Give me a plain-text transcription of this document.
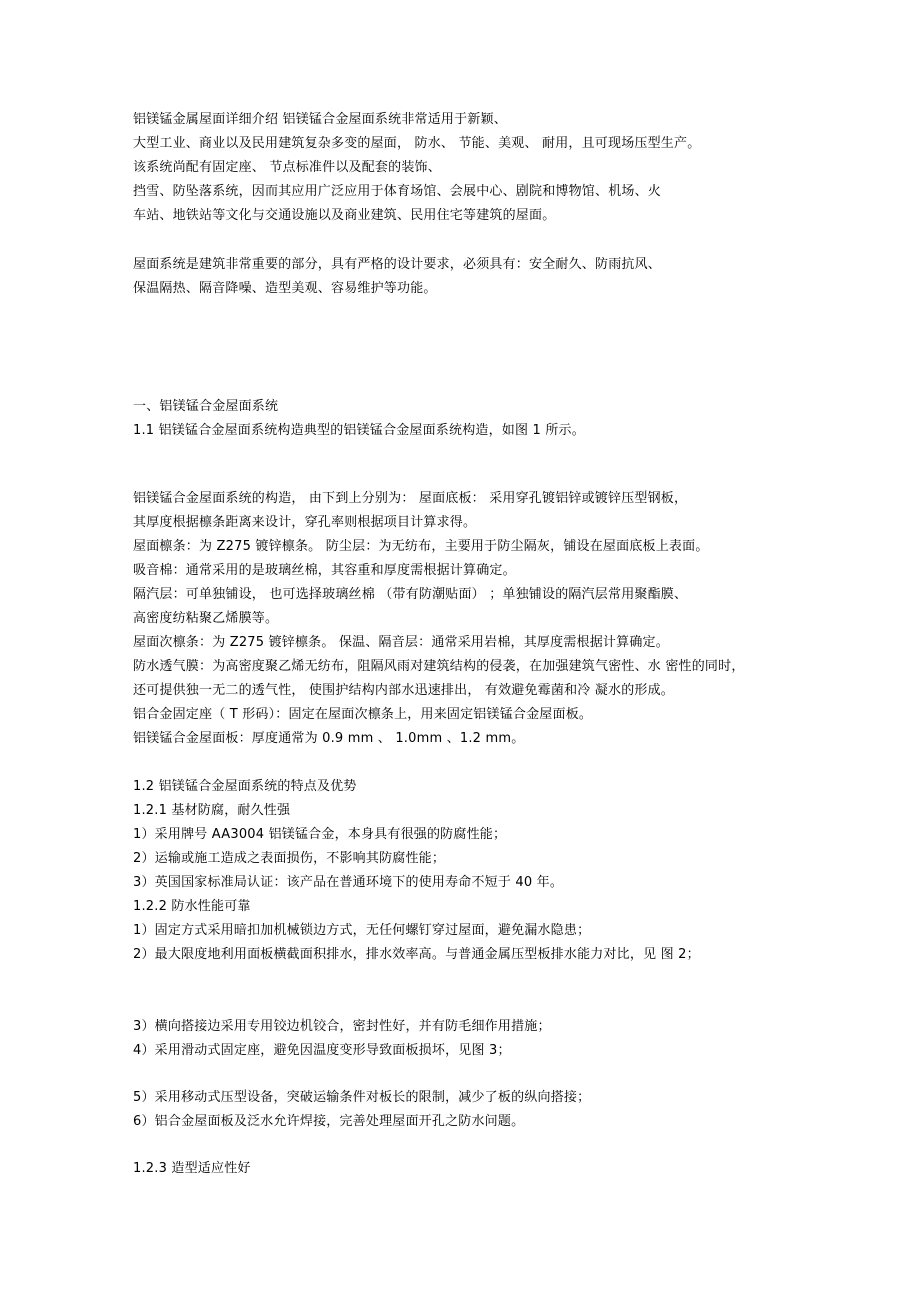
铝镁锰金属屋面详细介绍 铝镁锰合金屋面系统非常适用于新颖、
大型工业、商业以及民用建筑复杂多变的屋面， 防水、 节能、美观、 耐用，且可现场压型生产。
该系统尚配有固定座、 节点标准件以及配套的装饰、
挡雪、防坠落系统，因而其应用广泛应用于体育场馆、会展中心、剧院和博物馆、机场、火
车站、地铁站等文化与交通设施以及商业建筑、民用住宅等建筑的屋面。
屋面系统是建筑非常重要的部分，具有严格的设计要求，必须具有：安全耐久、防雨抗风、
保温隔热、隔音降噪、造型美观、容易维护等功能。
一、铝镁锰合金屋面系统
1.1 铝镁锰合金屋面系统构造典型的铝镁锰合金屋面系统构造，如图 1 所示。
铝镁锰合金屋面系统的构造， 由下到上分别为： 屋面底板： 采用穿孔镀铝锌或镀锌压型钢板，
其厚度根据檩条距离来设计，穿孔率则根据项目计算求得。
屋面檩条：为 Z275 镀锌檩条。 防尘层：为无纺布，主要用于防尘隔灰，铺设在屋面底板上表面。
吸音棉：通常采用的是玻璃丝棉，其容重和厚度需根据计算确定。
隔汽层：可单独铺设， 也可选择玻璃丝棉 （带有防潮贴面） ；单独铺设的隔汽层常用聚酯膜、
高密度纺粘聚乙烯膜等。
屋面次檩条：为 Z275 镀锌檩条。 保温、隔音层：通常采用岩棉，其厚度需根据计算确定。
防水透气膜：为高密度聚乙烯无纺布，阻隔风雨对建筑结构的侵袭，在加强建筑气密性、水 密性的同时，
还可提供独一无二的透气性， 使围护结构内部水迅速排出， 有效避免霉菌和冷 凝水的形成。
铝合金固定座（ T 形码）：固定在屋面次檩条上，用来固定铝镁锰合金屋面板。
铝镁锰合金屋面板：厚度通常为 0.9 mm 、 1.0mm 、1.2 mm。
1.2 铝镁锰合金屋面系统的特点及优势
1.2.1 基材防腐，耐久性强
1）采用牌号 AA3004 铝镁锰合金，本身具有很强的防腐性能；
2）运输或施工造成之表面损伤，不影响其防腐性能；
3）英国国家标准局认证：该产品在普通环境下的使用寿命不短于 40 年。
1.2.2 防水性能可靠
1）固定方式采用暗扣加机械锁边方式，无任何螺钉穿过屋面，避免漏水隐患；
2）最大限度地利用面板横截面积排水，排水效率高。与普通金属压型板排水能力对比，见 图 2；
3）横向搭接边采用专用铰边机铰合，密封性好，并有防毛细作用措施；
4）采用滑动式固定座，避免因温度变形导致面板损坏，见图 3；
5）采用移动式压型设备，突破运输条件对板长的限制，减少了板的纵向搭接；
6）铝合金屋面板及泛水允许焊接，完善处理屋面开孔之防水问题。
1.2.3 造型适应性好
